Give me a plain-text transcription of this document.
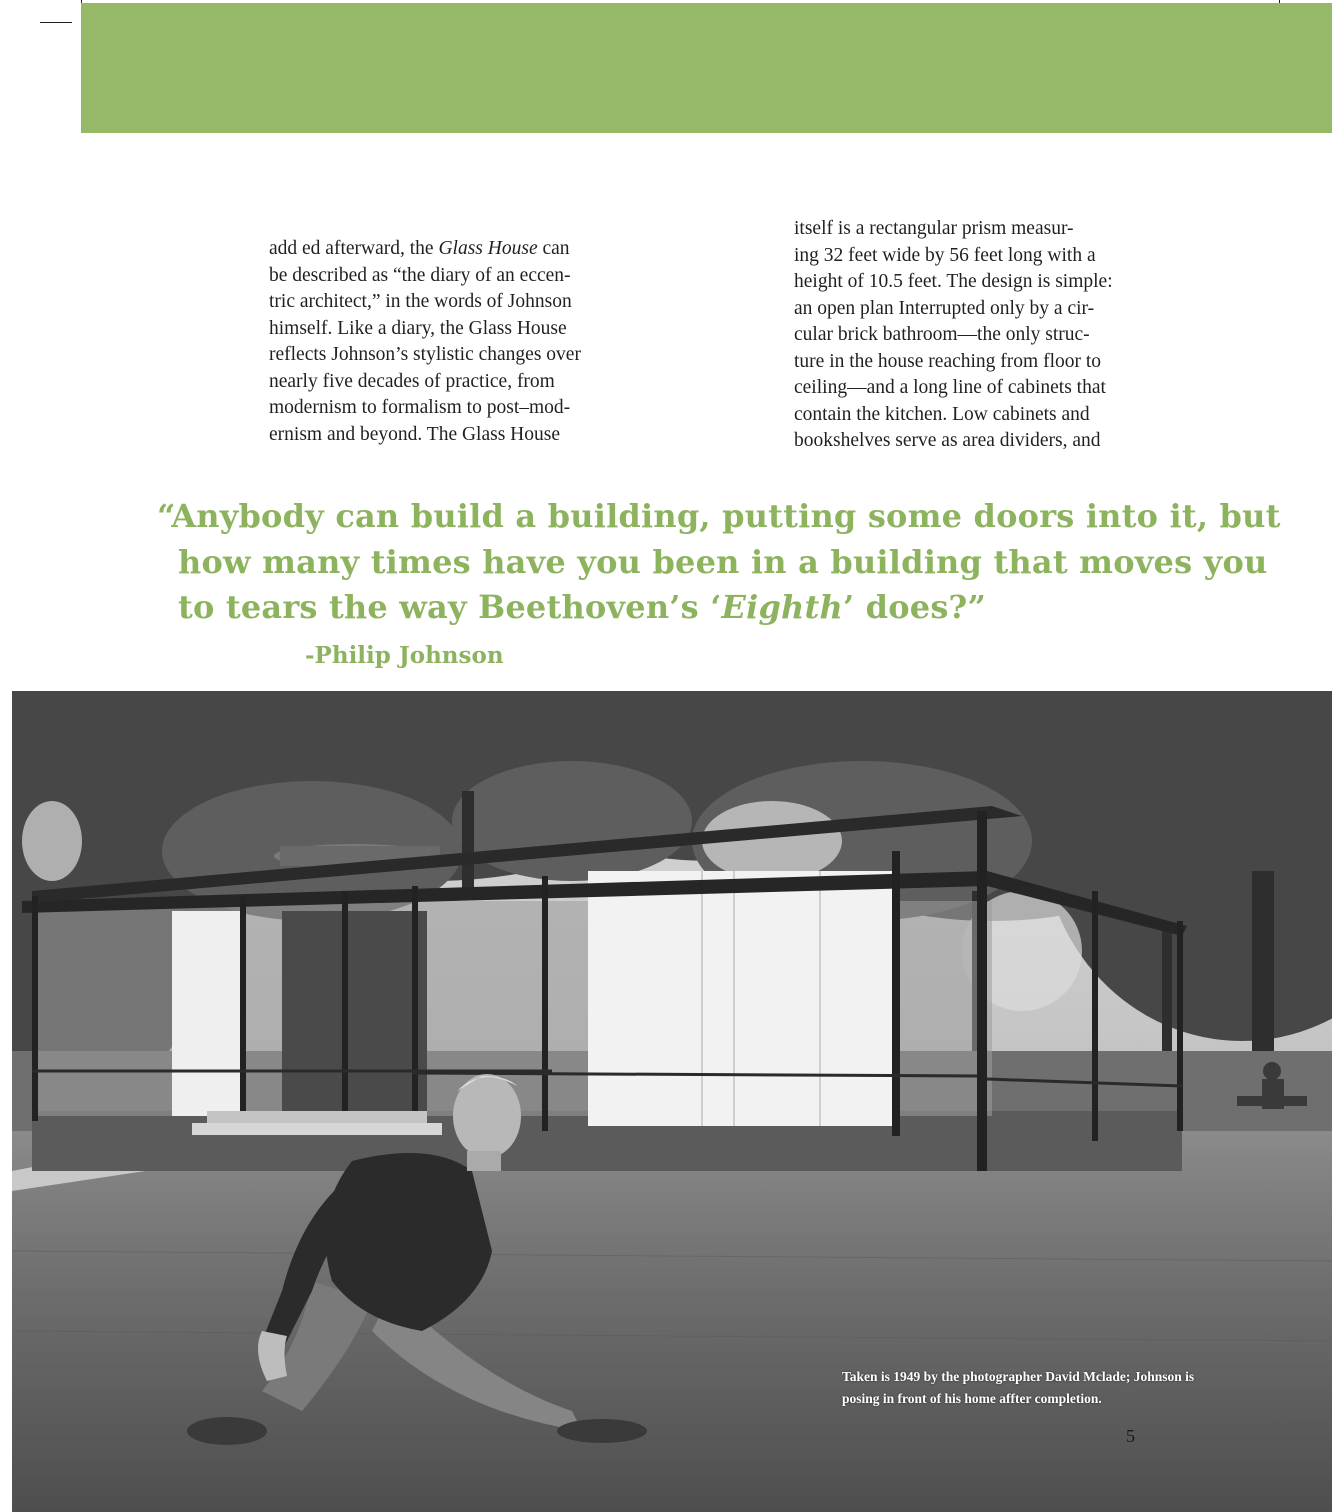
add ed afterward, the Glass House can
be described as “the diary of an eccen-
tric architect,” in the words of Johnson
himself. Like a diary, the Glass House
reflects Johnson’s stylistic changes over
nearly five decades of practice, from
modernism to formalism to post–mod-
ernism and beyond. The Glass House
itself is a rectangular prism measur-
ing 32 feet wide by 56 feet long with a
height of 10.5 feet. The design is simple:
an open plan Interrupted only by a cir-
cular brick bathroom—the only struc-
ture in the house reaching from floor to
ceiling—and a long line of cabinets that
contain the kitchen. Low cabinets and
bookshelves serve as area dividers, and
“Anybody can build a building, putting some doors into it, but
how many times have you been in a building that moves you
to tears the way Beethoven’s ‘Eighth’ does?”
-Philip Johnson
Taken is 1949 by the photographer David Mclade; Johnson is
posing in front of his home affter completion.
5
